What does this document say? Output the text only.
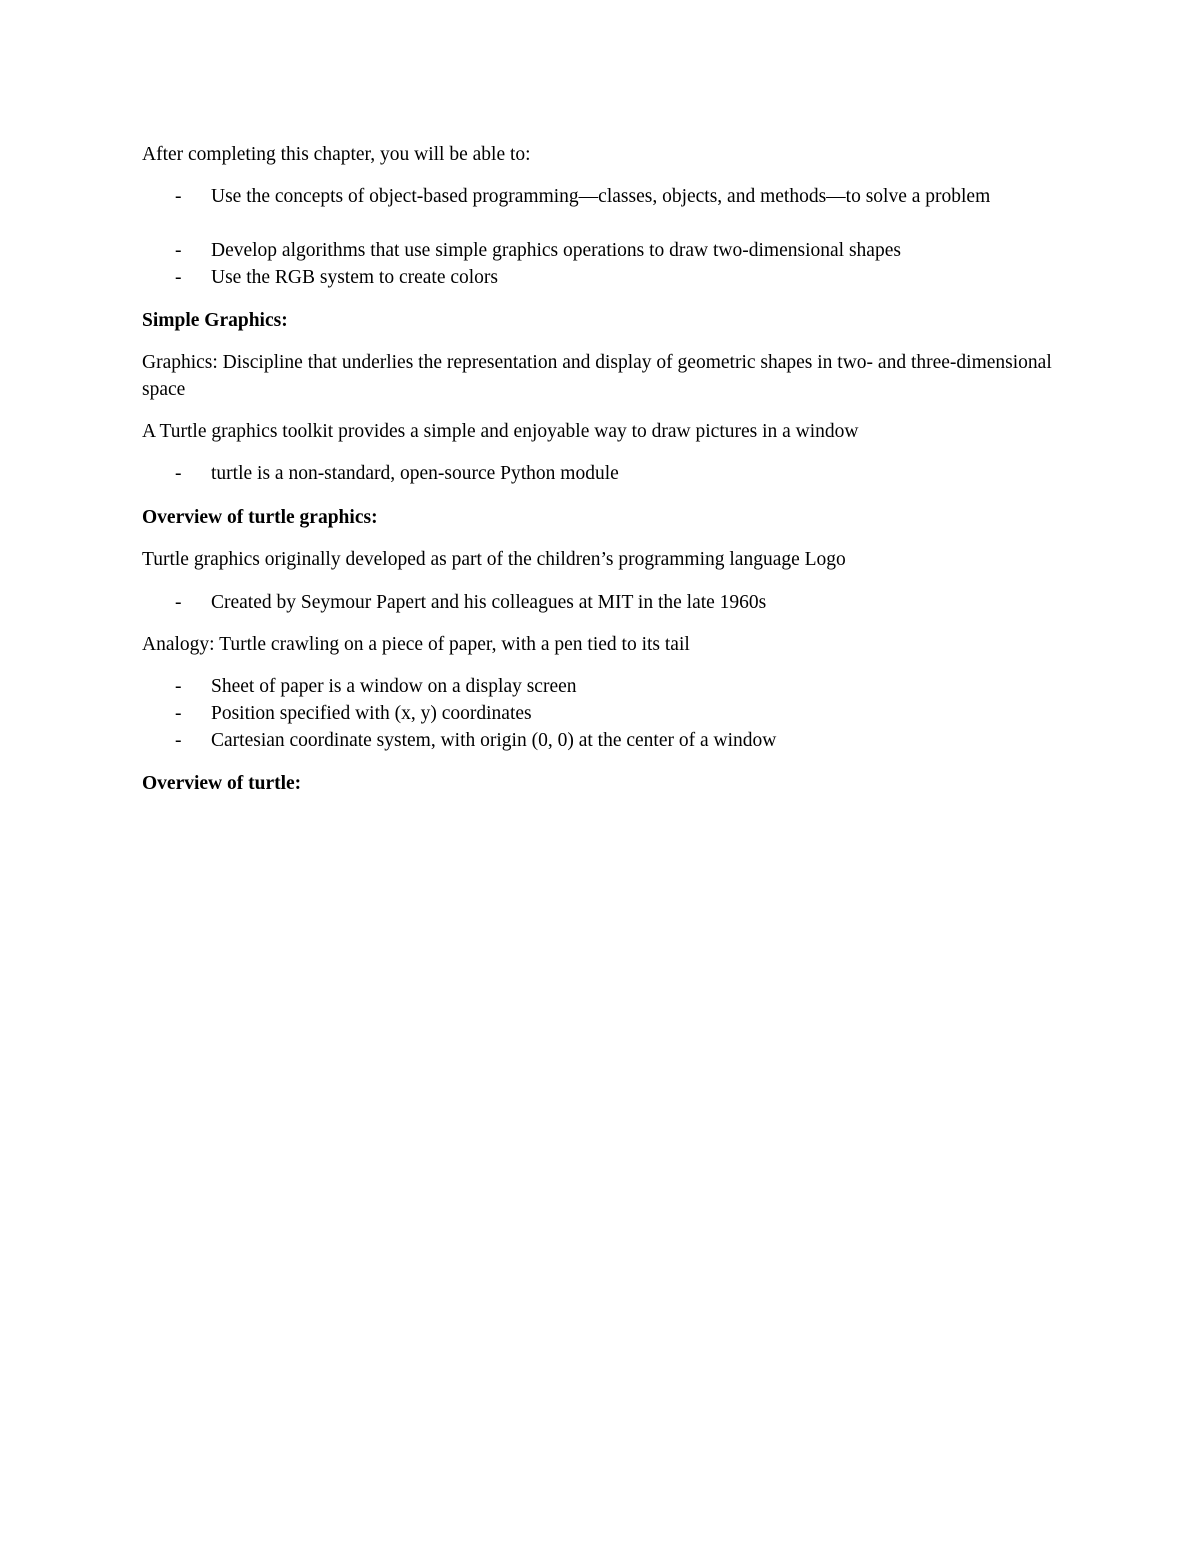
After completing this chapter, you will be able to:

- Use the concepts of object-based programming—classes, objects, and methods—to solve a problem
- Develop algorithms that use simple graphics operations to draw two-dimensional shapes
- Use the RGB system to create colors

Simple Graphics:

Graphics: Discipline that underlies the representation and display of geometric shapes in two- and three-dimensional space

A Turtle graphics toolkit provides a simple and enjoyable way to draw pictures in a window

- turtle is a non-standard, open-source Python module

Overview of turtle graphics:

Turtle graphics originally developed as part of the children’s programming language Logo

- Created by Seymour Papert and his colleagues at MIT in the late 1960s

Analogy: Turtle crawling on a piece of paper, with a pen tied to its tail

- Sheet of paper is a window on a display screen
- Position specified with (x, y) coordinates
- Cartesian coordinate system, with origin (0, 0) at the center of a window

Overview of turtle:
